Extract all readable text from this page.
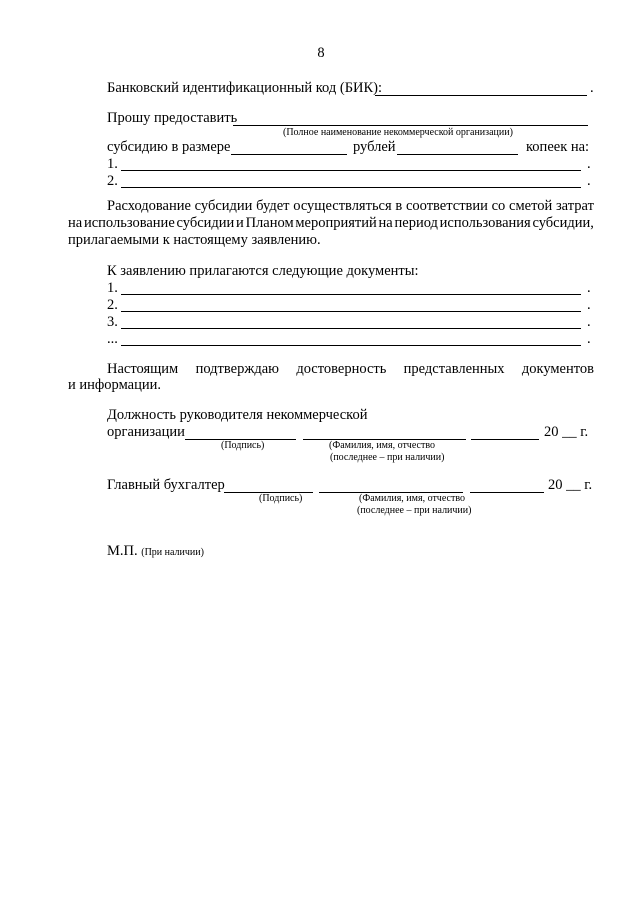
8
Банковский идентификационный код (БИК):	.
Прошу предоставить
(Полное наименование некоммерческой организации)
субсидию в размере	рублей	копеек на:
1.	.
2.	.
Расходование субсидии будет осуществляться в соответствии со сметой затрат
на использование субсидии и Планом мероприятий на период использования субсидии,
прилагаемыми к настоящему заявлению.
К заявлению прилагаются следующие документы:
1.	.
2.	.
3.	.
...	.
Настоящим подтверждаю достоверность представленных документов
и информации.
Должность руководителя некоммерческой
организации	20 __ г.
(Подпись)	(Фамилия, имя, отчество
(последнее – при наличии)
Главный бухгалтер	20 __ г.
(Подпись)	(Фамилия, имя, отчество
(последнее – при наличии)
М.П. (При наличии)
